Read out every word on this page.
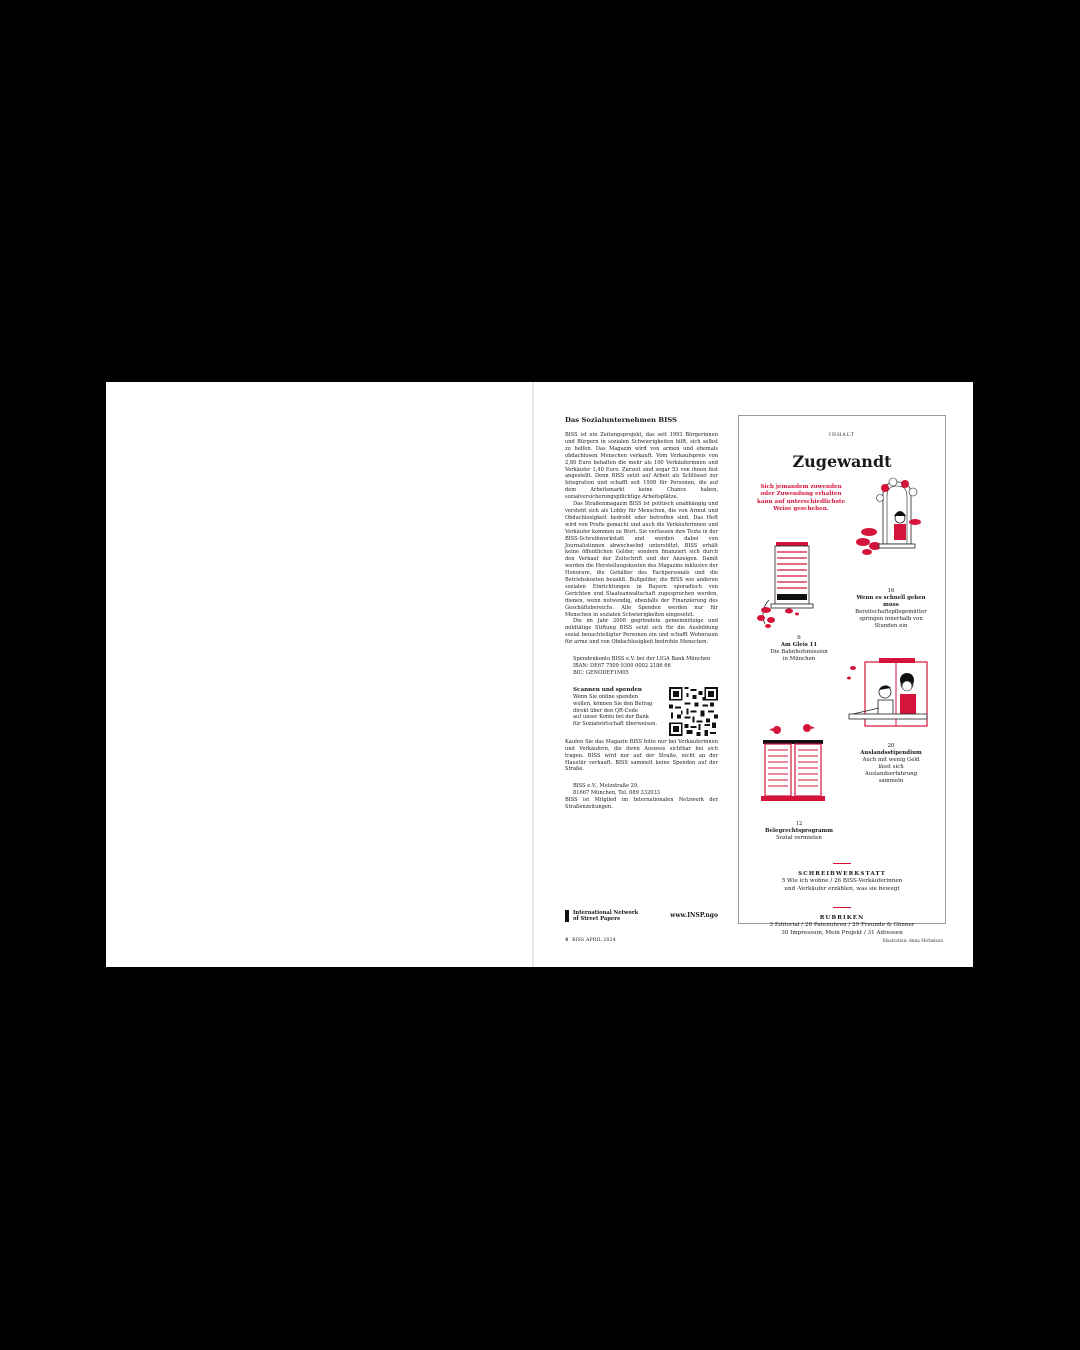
Das Sozialunternehmen BISS

BISS ist ein Zeitungsprojekt, das seit 1993 Bürgerinnen und Bürgern in sozialen Schwierigkeiten hilft, sich selbst zu helfen. Das Magazin wird von armen und ehemals obdachlosen Menschen verkauft. Vom Verkaufspreis von 2,80 Euro behalten die mehr als 100 Verkäuferinnen und Verkäufer 1,40 Euro. Zurzeit sind sogar 53 von ihnen fest angestellt. Denn BISS setzt auf Arbeit als Schlüssel zur Integration und schafft seit 1998 für Personen, die auf dem Arbeitsmarkt keine Chance haben, sozialversicherungspflichtige Arbeitsplätze.

Das Straßenmagazin BISS ist politisch unabhängig und versteht sich als Lobby für Menschen, die von Armut und Obdachlosigkeit bedroht oder betroffen sind. Das Heft wird von Profis gemacht und auch die Verkäuferinnen und Verkäufer kommen zu Wort. Sie verfassen ihre Texte in der BISS-Schreibwerkstatt und werden dabei von Journalistinnen abwechselnd unterstützt. BISS erhält keine öffentlichen Gelder, sondern finanziert sich durch den Verkauf der Zeitschrift und der Anzeigen. Damit werden die Herstellungskosten des Magazins inklusive der Honorare, die Gehälter des Fachpersonals und die Betriebskosten bezahlt. Bußgelder, die BISS wie anderen sozialen Einrichtungen in Bayern sporadisch von Gerichten und Staatsanwaltschaft zugesprochen werden, dienen, wenn notwendig, ebenfalls der Finanzierung des Geschäftsbereichs. Alle Spenden werden nur für Menschen in sozialen Schwierigkeiten eingesetzt.

Die im Jahr 2008 gegründete gemeinnützige und mildtätige Stiftung BISS setzt sich für die Ausbildung sozial benachteiligter Personen ein und schafft Wohnraum für arme und von Obdachlosigkeit bedrohte Menschen.

Spendenkonto BISS e.V. bei der LIGA Bank München
IBAN: DE67 7509 0300 0002 2186 66
BIC: GENODEF1M05
Scannen und spenden
Wenn Sie online spenden
wollen, können Sie den Betrag
direkt über den QR-Code
auf unser Konto bei der Bank
für Sozialwirtschaft überweisen.

Kaufen Sie das Magazin BISS bitte nur bei Verkäuferinnen und Verkäufern, die ihren Ausweis sichtbar bei sich tragen. BISS wird nur auf der Straße, nicht an der Haustür verkauft. BISS sammelt keine Spenden auf der Straße.

BISS e.V., Metzstraße 29,
81667 München, Tel. 089 332033

BISS ist Mitglied im Internationalen Netzwerk der Straßenzeitungen.

International Network
of Street Papers	www.INSP.ngo
INHALT
Zugewandt
Sich jemandem zuwenden oder Zuwendung erhalten kann auf unterschiedlichste Weise geschehen.
6
Am Gleis 11
Die Bahnhofsmission
in München
16
Wenn es schnell gehen muss
Bereitschaftspflegemütter
springen innerhalb von
Stunden ein
12
Belegrechtsprogramm
Sozial vermieten
20
Auslandsstipendium
Auch mit wenig Geld
lässt sich
Auslandserfahrung
sammeln
SCHREIBWERKSTATT
5 Wie ich wohne / 26 BISS-Verkäuferinnen
und -Verkäufer erzählen, was sie bewegt
RUBRIKEN
3 Editorial / 28 Patenuhren / 29 Freunde & Gönner
30 Impressum, Mein Projekt / 31 Adressen
4 BISS APRIL 2024	Illustration: Anna Michelson
